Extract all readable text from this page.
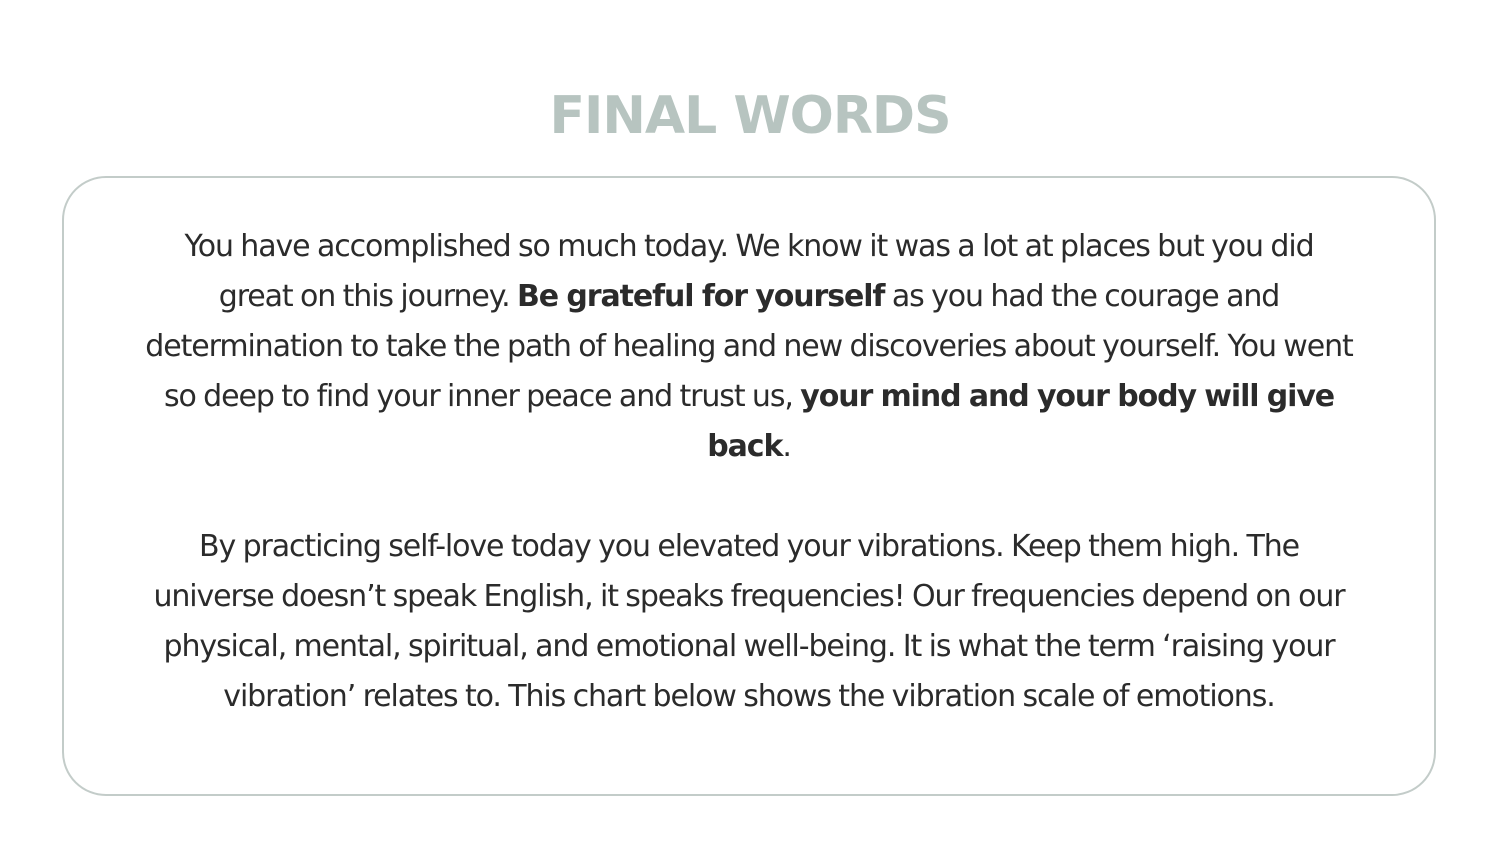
FINAL WORDS

You have accomplished so much today. We know it was a lot at places but you did great on this journey. Be grateful for yourself as you had the courage and determination to take the path of healing and new discoveries about yourself. You went so deep to find your inner peace and trust us, your mind and your body will give back.

By practicing self-love today you elevated your vibrations. Keep them high. The universe doesn’t speak English, it speaks frequencies! Our frequencies depend on our physical, mental, spiritual, and emotional well-being. It is what the term ‘raising your vibration’ relates to. This chart below shows the vibration scale of emotions.
